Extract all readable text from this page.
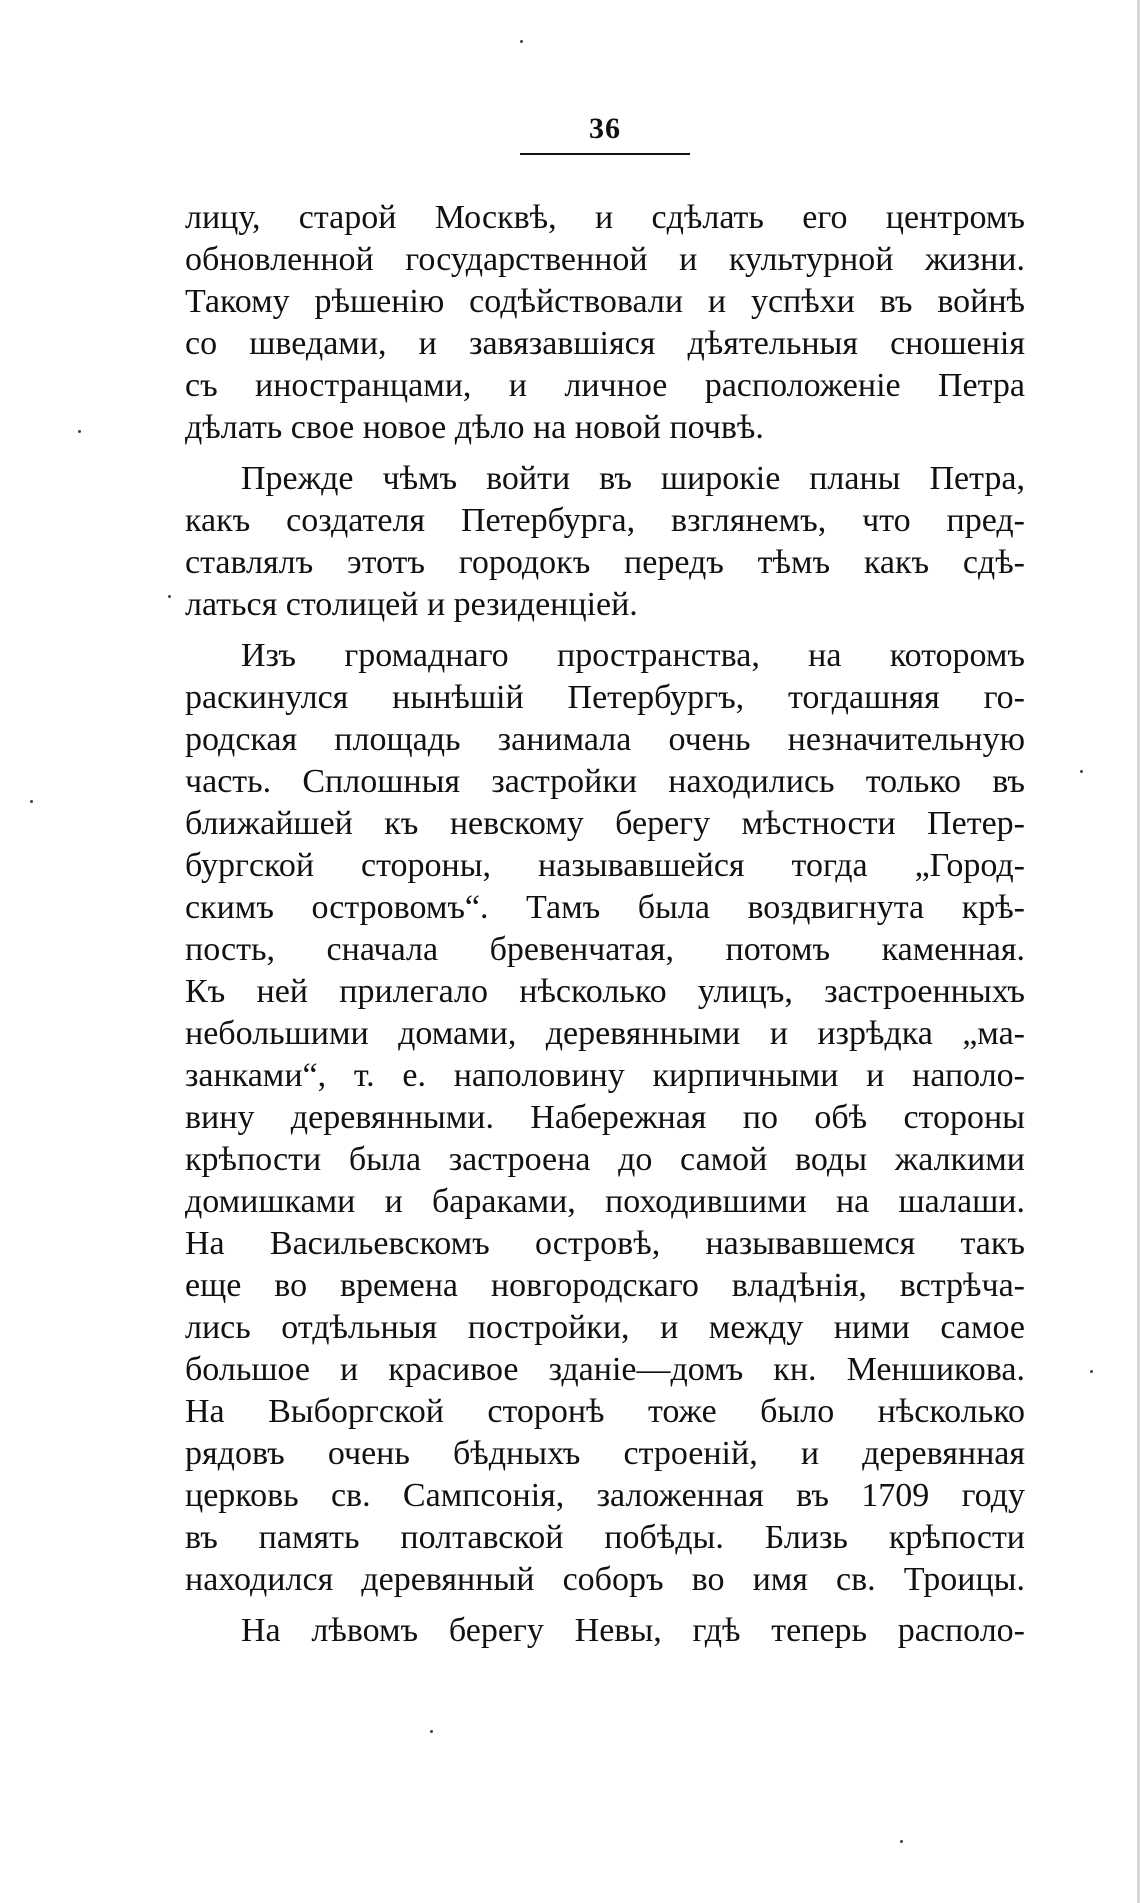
36
лицу, старой Москвѣ, и сдѣлать его центромъ
обновленной государственной и культурной жизни.
Такому рѣшенію содѣйствовали и успѣхи въ войнѣ
со шведами, и завязавшіяся дѣятельныя сношенія
съ иностранцами, и личное расположеніе Петра
дѣлать свое новое дѣло на новой почвѣ.
Прежде чѣмъ войти въ широкіе планы Петра,
какъ создателя Петербурга, взглянемъ, что пред-
ставлялъ этотъ городокъ передъ тѣмъ какъ сдѣ-
латься столицей и резиденціей.
Изъ громаднаго пространства, на которомъ
раскинулся нынѣшій Петербургъ, тогдашняя го-
родская площадь занимала очень незначительную
часть. Сплошныя застройки находились только въ
ближайшей къ невскому берегу мѣстности Петер-
бургской стороны, называвшейся тогда „Город-
скимъ островомъ“. Тамъ была воздвигнута крѣ-
пость, сначала бревенчатая, потомъ каменная.
Къ ней прилегало нѣсколько улицъ, застроенныхъ
небольшими домами, деревянными и изрѣдка „ма-
занками“, т. е. наполовину кирпичными и наполо-
вину деревянными. Набережная по обѣ стороны
крѣпости была застроена до самой воды жалкими
домишками и бараками, походившими на шалаши.
На Васильевскомъ островѣ, называвшемся такъ
еще во времена новгородскаго владѣнія, встрѣча-
лись отдѣльныя постройки, и между ними самое
большое и красивое зданіе—домъ кн. Меншикова.
На Выборгской сторонѣ тоже было нѣсколько
рядовъ очень бѣдныхъ строеній, и деревянная
церковь св. Сампсонія, заложенная въ 1709 году
въ память полтавской побѣды. Близь крѣпости
находился деревянный соборъ во имя св. Троицы.
На лѣвомъ берегу Невы, гдѣ теперь располо-
